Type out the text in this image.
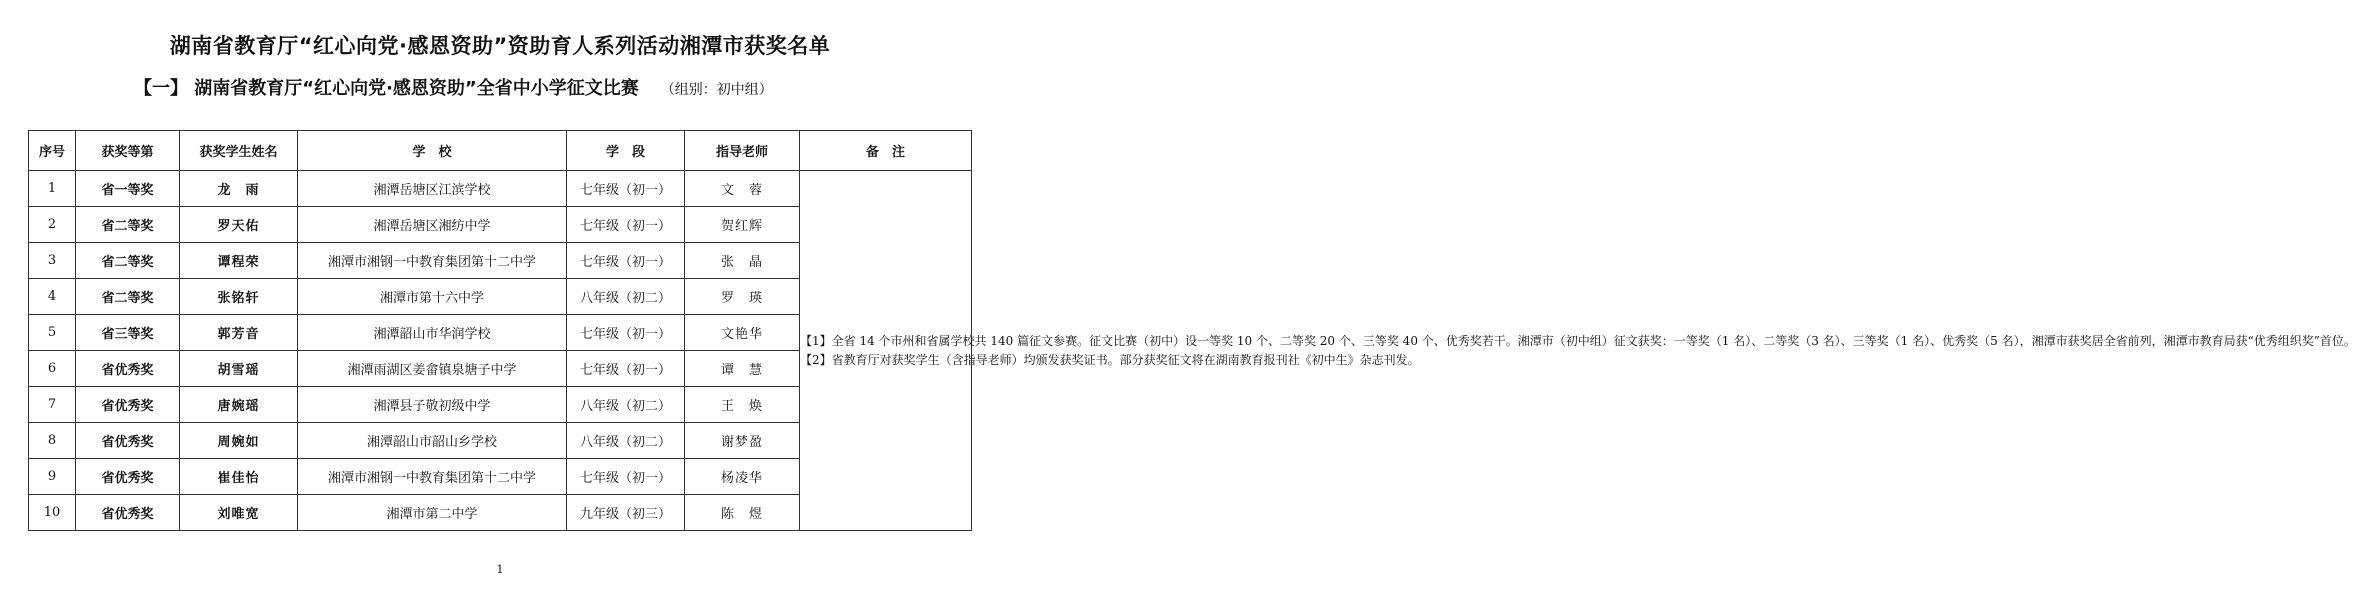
湖南省教育厅“红心向党·感恩资助”资助育人系列活动湘潭市获奖名单
【一】 湖南省教育厅“红心向党·感恩资助”全省中小学征文比赛 （组别：初中组）
序号	获奖等第	获奖学生姓名	学　校	学　段	指导老师	备　注
1	省一等奖	龙　雨	湘潭岳塘区江滨学校	七年级（初一）	文　蓉	【1】全省 14 个市州和省属学校共 140 篇征文参赛。征文比赛（初中）设一等奖 10 个、二等奖 20 个、三等奖 40 个、优秀奖若干。湘潭市（初中组）征文获奖：一等奖（1 名）、二等奖（3 名）、三等奖（1 名）、优秀奖（5 名），湘潭市获奖居全省前列，湘潭市教育局获“优秀组织奖”首位。

【2】省教育厅对获奖学生（含指导老师）均颁发获奖证书。部分获奖征文将在湖南教育报刊社《初中生》杂志刊发。

2	省二等奖	罗天佑	湘潭岳塘区湘纺中学	七年级（初一）	贺红辉	
3	省二等奖	谭程荣	湘潭市湘钢一中教育集团第十二中学	七年级（初一）	张　晶	
4	省二等奖	张铭轩	湘潭市第十六中学	八年级（初二）	罗　瑛	
5	省三等奖	郭芳音	湘潭韶山市华润学校	七年级（初一）	文艳华	
6	省优秀奖	胡雪瑶	湘潭雨湖区姜畲镇泉塘子中学	七年级（初一）	谭　慧	
7	省优秀奖	唐婉瑶	湘潭县子敬初级中学	八年级（初二）	王　焕	
8	省优秀奖	周婉如	湘潭韶山市韶山乡学校	八年级（初二）	谢梦盈	
9	省优秀奖	崔佳怡	湘潭市湘钢一中教育集团第十二中学	七年级（初一）	杨凌华	
10	省优秀奖	刘唯宽	湘潭市第二中学	九年级（初三）	陈　煜	
1
